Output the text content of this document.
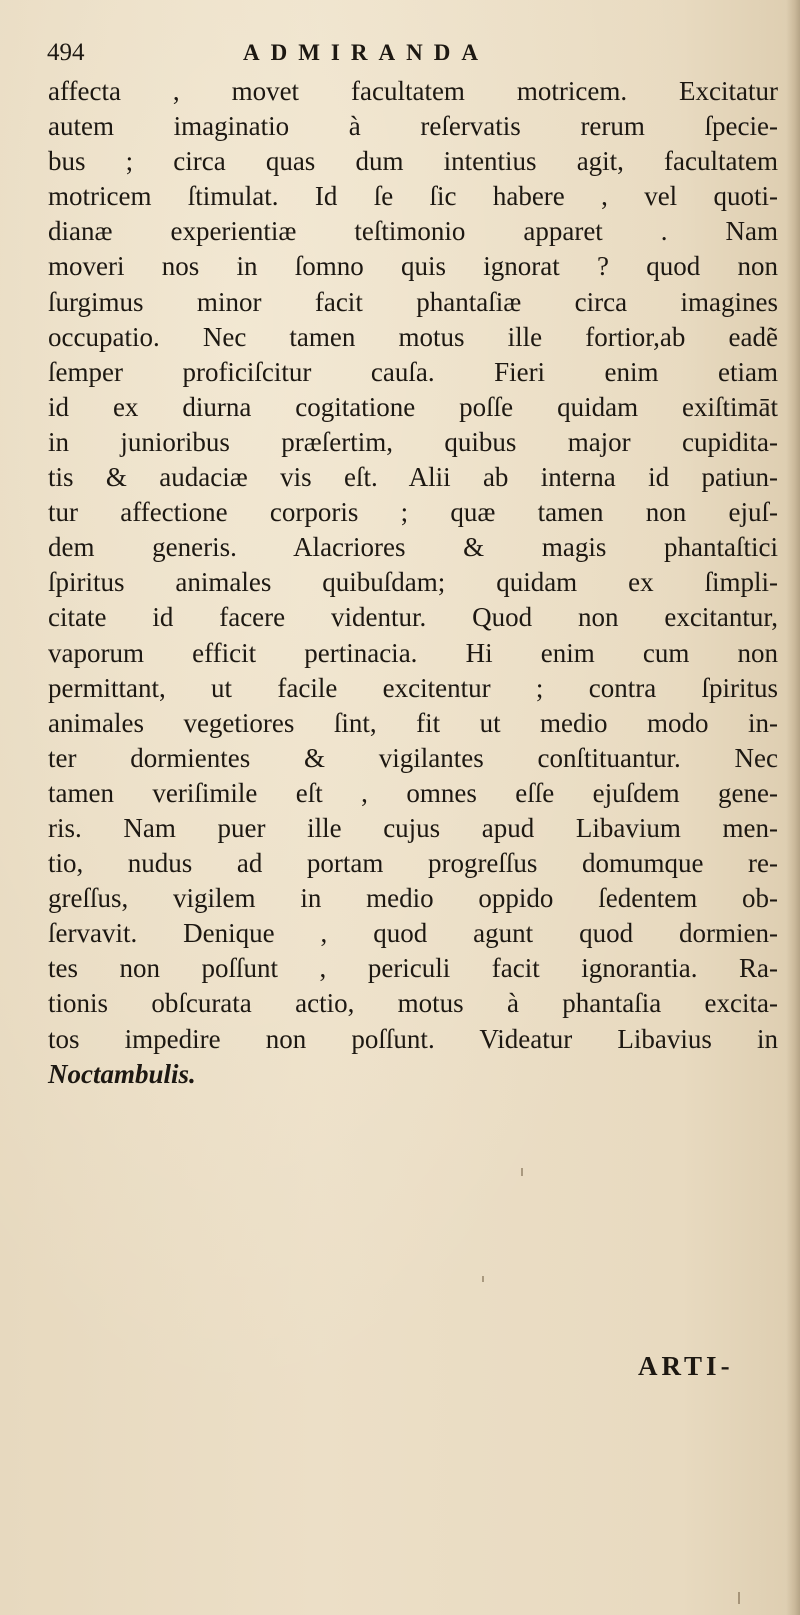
494	ADMIRANDA
affecta , movet facultatem motricem. Excitatur
autem imaginatio à reſervatis rerum ſpecie-
bus ; circa quas dum intentius agit, facultatem
motricem ſtimulat. Id ſe ſic habere , vel quoti-
dianæ experientiæ teſtimonio apparet . Nam
moveri nos in ſomno quis ignorat ? quod non
ſurgimus minor facit phantaſiæ circa imagines
occupatio. Nec tamen motus ille fortior,ab eadẽ
ſemper proficiſcitur cauſa. Fieri enim etiam
id ex diurna cogitatione poſſe quidam exiſtimāt
in junioribus præſertim, quibus major cupidita-
tis & audaciæ vis eſt. Alii ab interna id patiun-
tur affectione corporis ; quæ tamen non ejuſ-
dem generis. Alacriores & magis phantaſtici
ſpiritus animales quibuſdam; quidam ex ſimpli-
citate id facere videntur. Quod non excitantur,
vaporum efficit pertinacia. Hi enim cum non
permittant, ut facile excitentur ; contra ſpiritus
animales vegetiores ſint, fit ut medio modo in-
ter dormientes & vigilantes conſtituantur. Nec
tamen veriſimile eſt , omnes eſſe ejuſdem gene-
ris. Nam puer ille cujus apud Libavium men-
tio, nudus ad portam progreſſus domumque re-
greſſus, vigilem in medio oppido ſedentem ob-
ſervavit. Denique , quod agunt quod dormien-
tes non poſſunt , periculi facit ignorantia. Ra-
tionis obſcurata actio, motus à phantaſia excita-
tos impedire non poſſunt. Videatur Libavius in
Noctambulis.
ARTI-
